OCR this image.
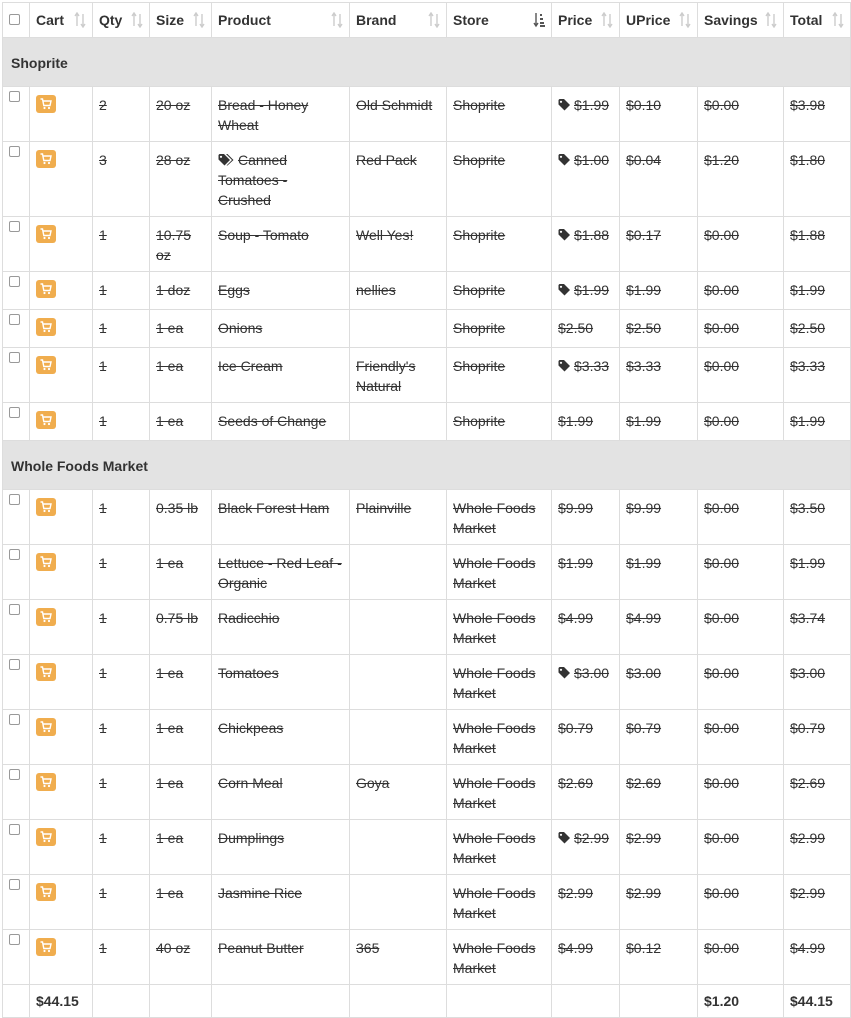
	Cart	Qty	Size	Product	Brand	Store	Price	UPrice	Savings	Total

Shoprite										

	2	20 oz	Bread - Honey Wheat	Old Schmidt	Shoprite	$1.99	$0.10	$0.00	$3.98

	3	28 oz	Canned Tomatoes - Crushed	Red Pack	Shoprite	$1.00	$0.04	$1.20	$1.80

	1	10.75 oz	Soup - Tomato	Well Yes!	Shoprite	$1.88	$0.17	$0.00	$1.88

	1	1 doz	Eggs	nellies	Shoprite	$1.99	$1.99	$0.00	$1.99

	1	1 ea	Onions		Shoprite	$2.50	$2.50	$0.00	$2.50

	1	1 ea	Ice Cream	Friendly's Natural	Shoprite	$3.33	$3.33	$0.00	$3.33

	1	1 ea	Seeds of Change		Shoprite	$1.99	$1.99	$0.00	$1.99
Whole Foods Market										

	1	0.35 lb	Black Forest Ham	Plainville	Whole Foods Market	$9.99	$9.99	$0.00	$3.50

	1	1 ea	Lettuce - Red Leaf - Organic		Whole Foods Market	$1.99	$1.99	$0.00	$1.99

	1	0.75 lb	Radicchio		Whole Foods Market	$4.99	$4.99	$0.00	$3.74

	1	1 ea	Tomatoes		Whole Foods Market	$3.00	$3.00	$0.00	$3.00

	1	1 ea	Chickpeas		Whole Foods Market	$0.79	$0.79	$0.00	$0.79

	1	1 ea	Corn Meal	Goya	Whole Foods Market	$2.69	$2.69	$0.00	$2.69

	1	1 ea	Dumplings		Whole Foods Market	$2.99	$2.99	$0.00	$2.99

	1	1 ea	Jasmine Rice		Whole Foods Market	$2.99	$2.99	$0.00	$2.99

	1	40 oz	Peanut Butter	365	Whole Foods Market	$4.99	$0.12	$0.00	$4.99
	$44.15								$1.20	$44.15
